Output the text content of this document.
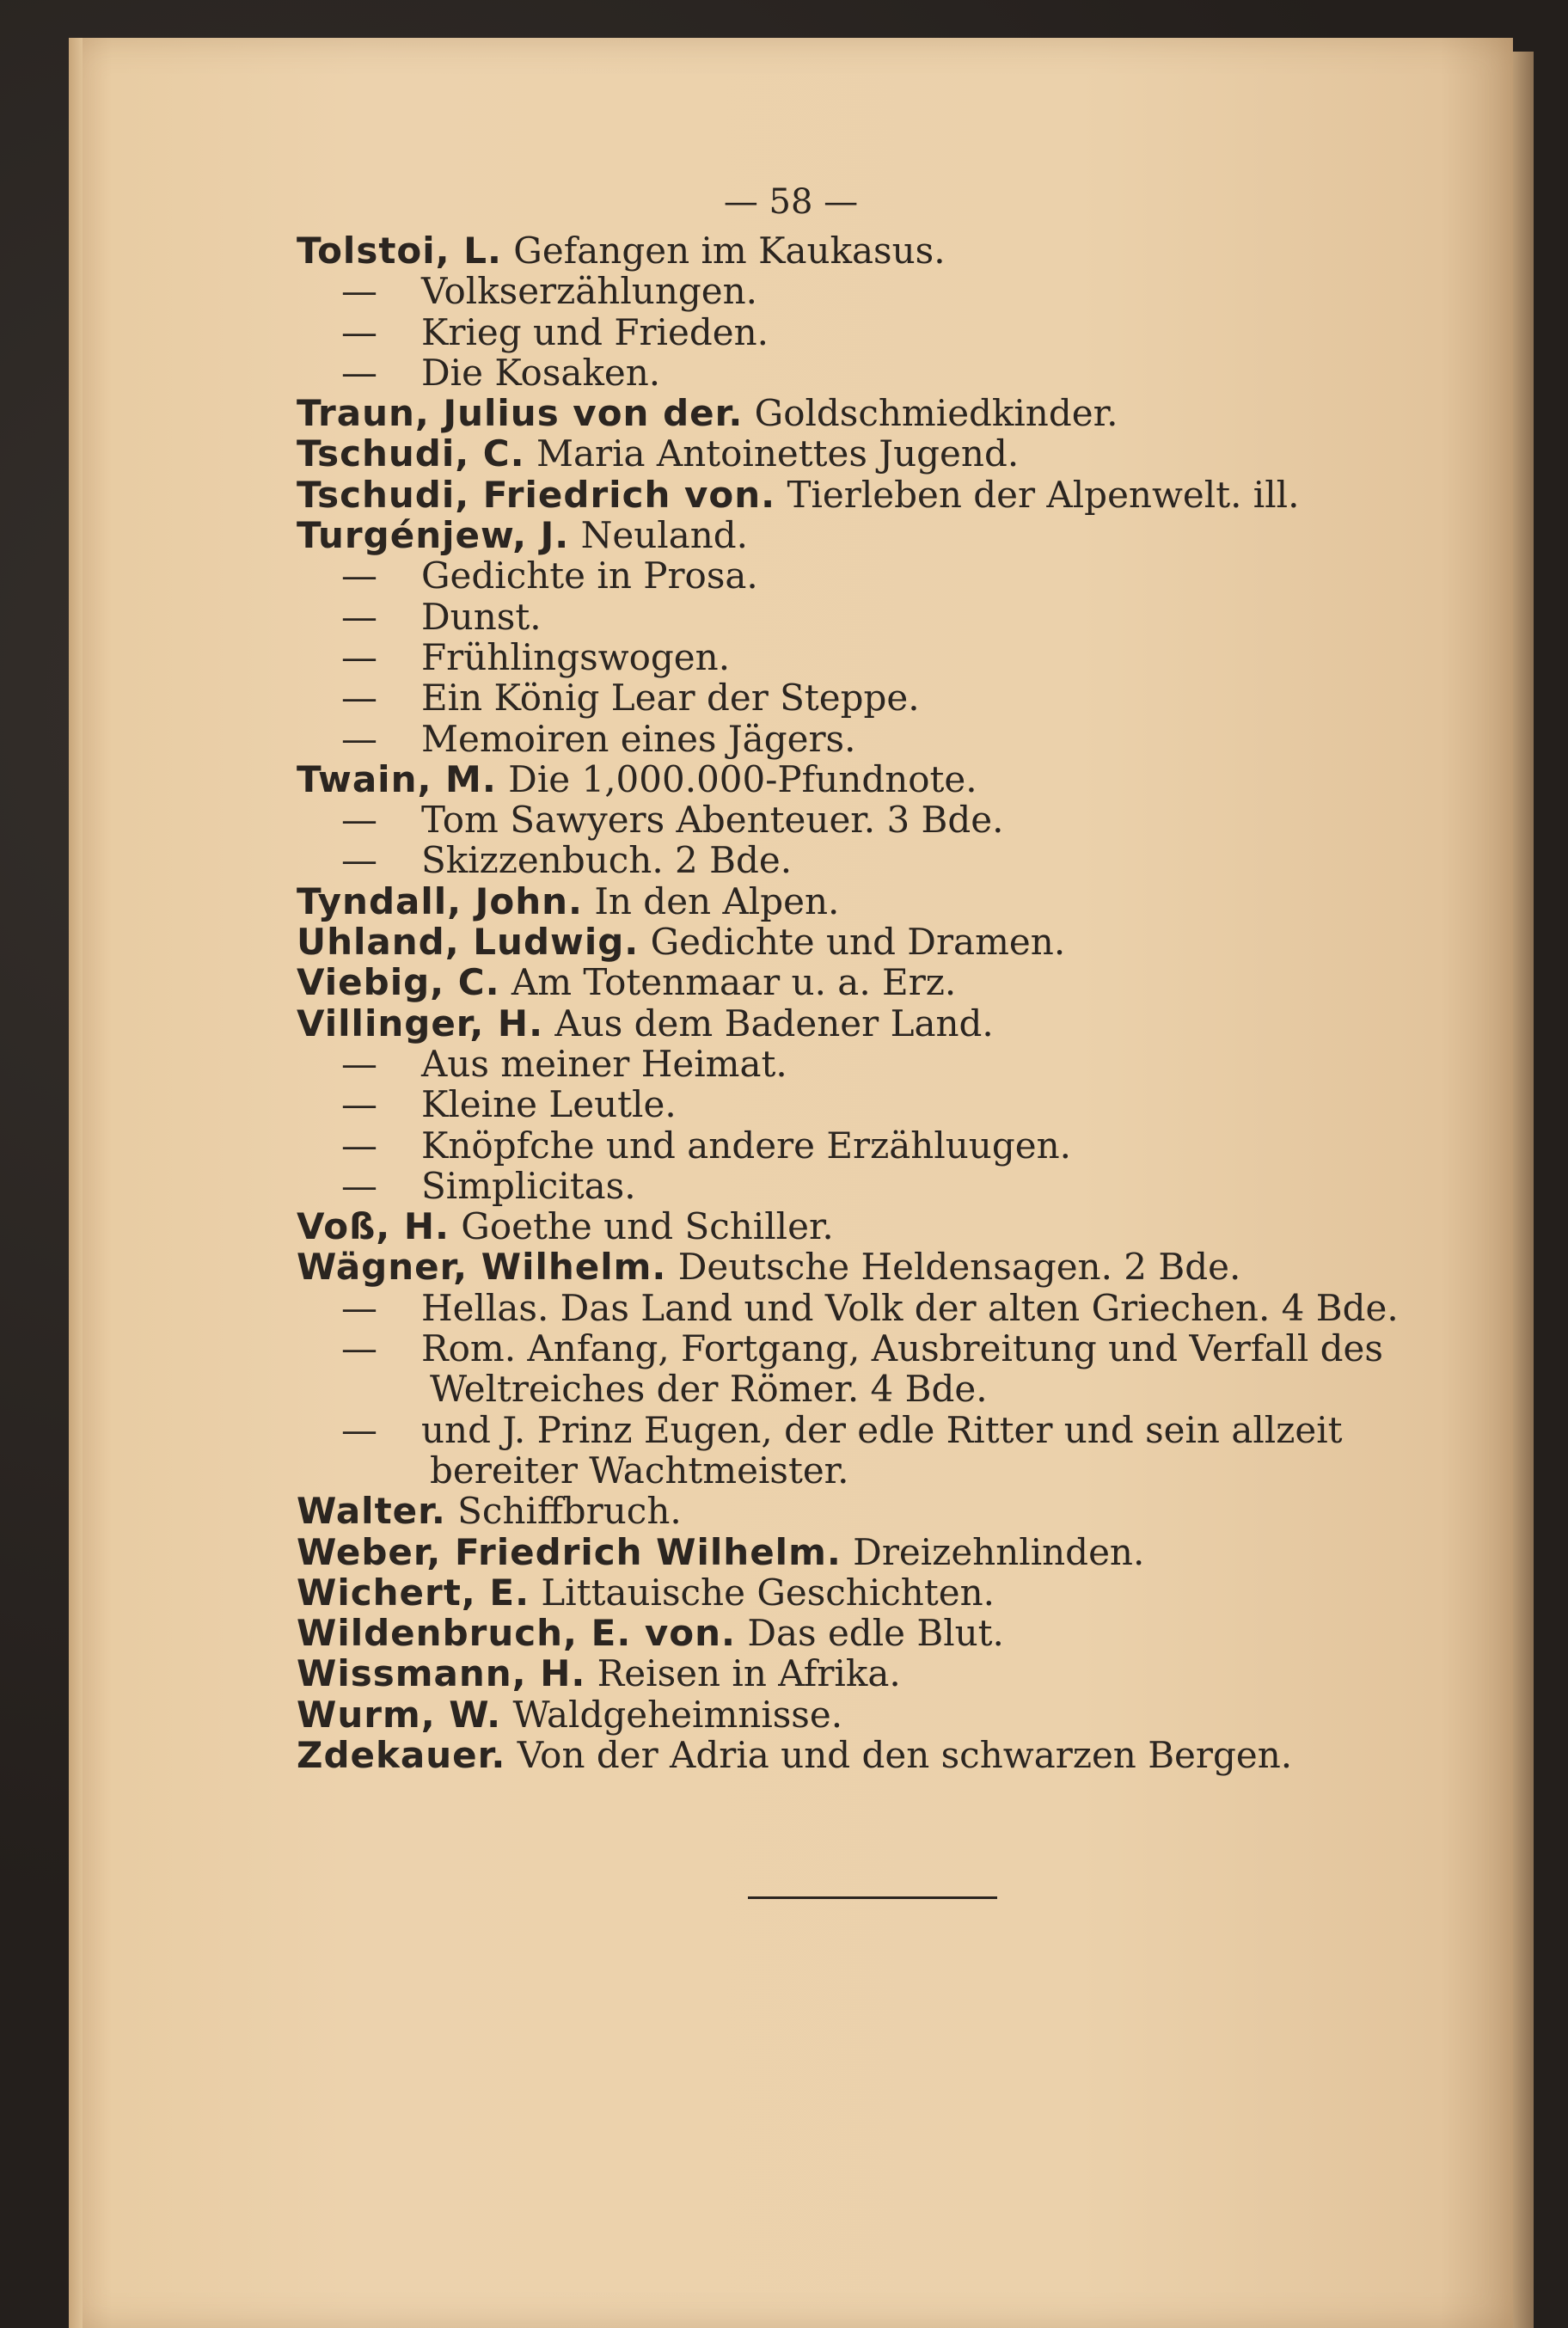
— 58 —
Tolstoi, L. Gefangen im Kaukasus.
— Volkserzählungen.
— Krieg und Frieden.
— Die Kosaken.
Traun, Julius von der. Goldschmiedkinder.
Tschudi, C. Maria Antoinettes Jugend.
Tschudi, Friedrich von. Tierleben der Alpenwelt. ill.
Turgénjew, J. Neuland.
— Gedichte in Prosa.
— Dunst.
— Frühlingswogen.
— Ein König Lear der Steppe.
— Memoiren eines Jägers.
Twain, M. Die 1,000.000-Pfundnote.
— Tom Sawyers Abenteuer. 3 Bde.
— Skizzenbuch. 2 Bde.
Tyndall, John. In den Alpen.
Uhland, Ludwig. Gedichte und Dramen.
Viebig, C. Am Totenmaar u. a. Erz.
Villinger, H. Aus dem Badener Land.
— Aus meiner Heimat.
— Kleine Leutle.
— Knöpfche und andere Erzähluugen.
— Simplicitas.
Voß, H. Goethe und Schiller.
Wägner, Wilhelm. Deutsche Heldensagen. 2 Bde.
— Hellas. Das Land und Volk der alten Griechen. 4 Bde.
— Rom. Anfang, Fortgang, Ausbreitung und Verfall des
Weltreiches der Römer. 4 Bde.
— und J. Prinz Eugen, der edle Ritter und sein allzeit
bereiter Wachtmeister.
Walter. Schiffbruch.
Weber, Friedrich Wilhelm. Dreizehnlinden.
Wichert, E. Littauische Geschichten.
Wildenbruch, E. von. Das edle Blut.
Wissmann, H. Reisen in Afrika.
Wurm, W. Waldgeheimnisse.
Zdekauer. Von der Adria und den schwarzen Bergen.
